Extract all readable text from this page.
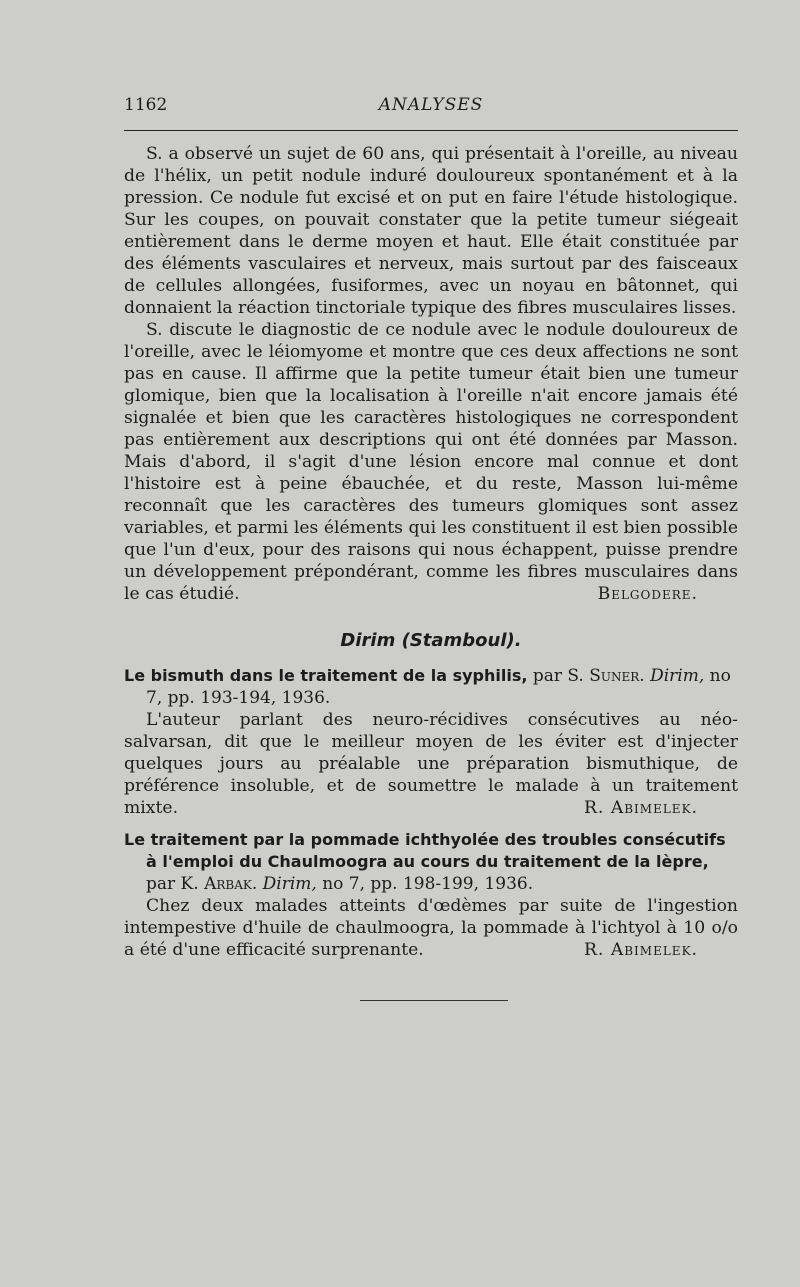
1162	ANALYSES

S. a observé un sujet de 60 ans, qui présentait à l'oreille, au niveau de l'hélix, un petit nodule induré douloureux spontanément et à la pression. Ce nodule fut excisé et on put en faire l'étude histologique. Sur les coupes, on pouvait constater que la petite tumeur siégeait entièrement dans le derme moyen et haut. Elle était constituée par des éléments vasculaires et nerveux, mais surtout par des faisceaux de cellules allongées, fusiformes, avec un noyau en bâtonnet, qui donnaient la réaction tinctoriale typique des fibres musculaires lisses.

S. discute le diagnostic de ce nodule avec le nodule douloureux de l'oreille, avec le léiomyome et montre que ces deux affections ne sont pas en cause. Il affirme que la petite tumeur était bien une tumeur glomique, bien que la localisation à l'oreille n'ait encore jamais été signalée et bien que les caractères histologiques ne correspondent pas entièrement aux descriptions qui ont été données par Masson. Mais d'abord, il s'agit d'une lésion encore mal connue et dont l'histoire est à peine ébauchée, et du reste, Masson lui-même reconnaît que les caractères des tumeurs glomiques sont assez variables, et parmi les éléments qui les constituent il est bien possible que l'un d'eux, pour des raisons qui nous échappent, puisse prendre un développement prépondérant, comme les fibres musculaires dans le cas étudié.	Belgodere.

Dirim (Stamboul).

Le bismuth dans le traitement de la syphilis, par S. Suner. Dirim, no 7, pp. 193-194, 1936.

L'auteur parlant des neuro-récidives consécutives au néo-salvarsan, dit que le meilleur moyen de les éviter est d'injecter quelques jours au préalable une préparation bismuthique, de préférence insoluble, et de soumettre le malade à un traitement mixte.	R. Abimelek.

Le traitement par la pommade ichthyolée des troubles consécutifs à l'emploi du Chaulmoogra au cours du traitement de la lèpre, par K. Arbak. Dirim, no 7, pp. 198-199, 1936.

Chez deux malades atteints d'œdèmes par suite de l'ingestion intempestive d'huile de chaulmoogra, la pommade à l'ichtyol à 10 o/o a été d'une efficacité surprenante.	R. Abimelek.
